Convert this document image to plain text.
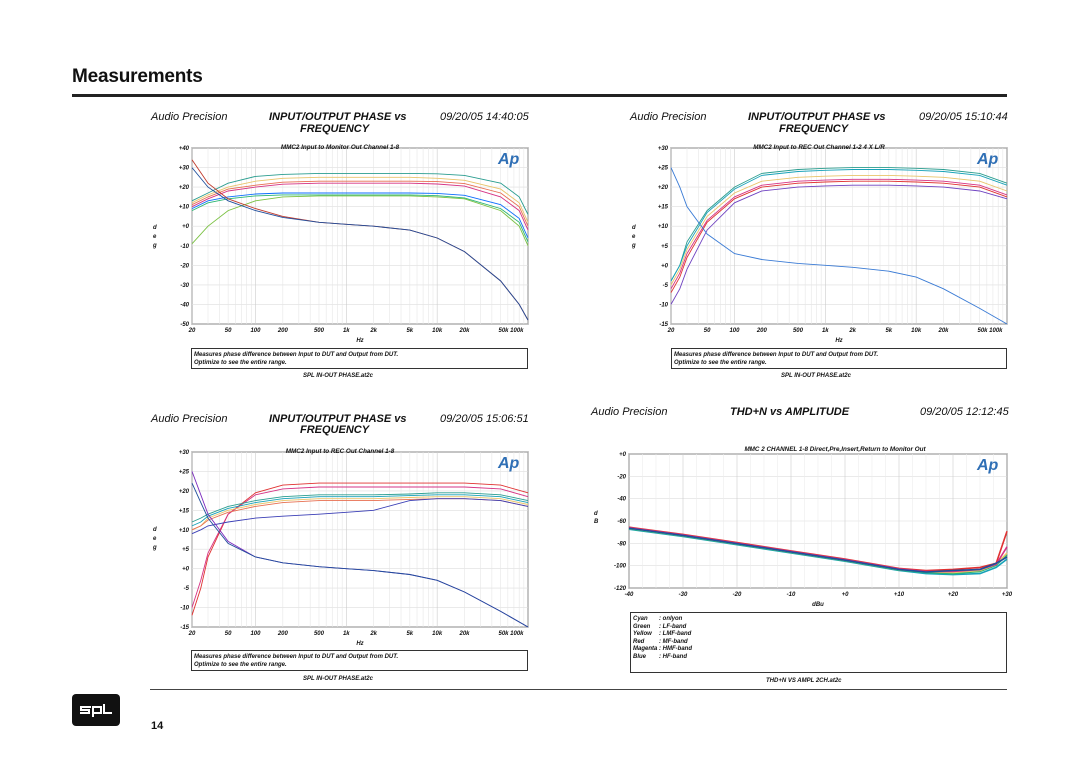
Measurements
Audio Precision	INPUT/OUTPUT PHASE vs
FREQUENCY
09/20/05 14:40:05
d
e
g
+40
+30
+20
+10
+0
-10
-20
-30
-40
-50
20	50	100	200	500	1k	2k	5k	10k	20k	50k 100k
Hz
MMC2 Input to Monitor Out Channel 1-8
Ap
Measures phase difference between Input to DUT and Output from DUT.
Optimize to see the entire range.
SPL IN-OUT PHASE.at2c
Audio Precision	INPUT/OUTPUT PHASE vs
FREQUENCY
09/20/05 15:10:44
d
e
g
+30
+25
+20
+15
+10
+5
+0
-5
-10
-15
20	50	100	200	500	1k	2k	5k	10k	20k	50k 100k
Hz
MMC2 Input to REC Out Channel 1-2 4 X L/R
Ap
Measures phase difference between Input to DUT and Output from DUT.
Optimize to see the entire range.
SPL IN-OUT PHASE.at2c
Audio Precision	INPUT/OUTPUT PHASE vs
FREQUENCY
09/20/05 15:06:51
d
e
g
+30
+25
+20
+15
+10
+5
+0
-5
-10
-15
20	50	100	200	500	1k	2k	5k	10k	20k	50k 100k
Hz
MMC2 Input to REC Out Channel 1-8
Ap
Measures phase difference between Input to DUT and Output from DUT.
Optimize to see the entire range.
SPL IN-OUT PHASE.at2c
Audio Precision	THD+N vs AMPLITUDE	09/20/05 12:12:45
d
B
+0
-20
-40
-60
-80
-100
-120
-40	-30	-20	-10	+0	+10	+20	+30
dBu
MMC 2 CHANNEL 1-8 Direct,Pre,Insert,Return to Monitor Out
Ap
Cyan	: onlyon
Green	: LF-band
Yellow	: LMF-band
Red	: MF-band
Magenta : HMF-band
Blue	: HF-band
THD+N VS AMPL 2CH.at2c
14
